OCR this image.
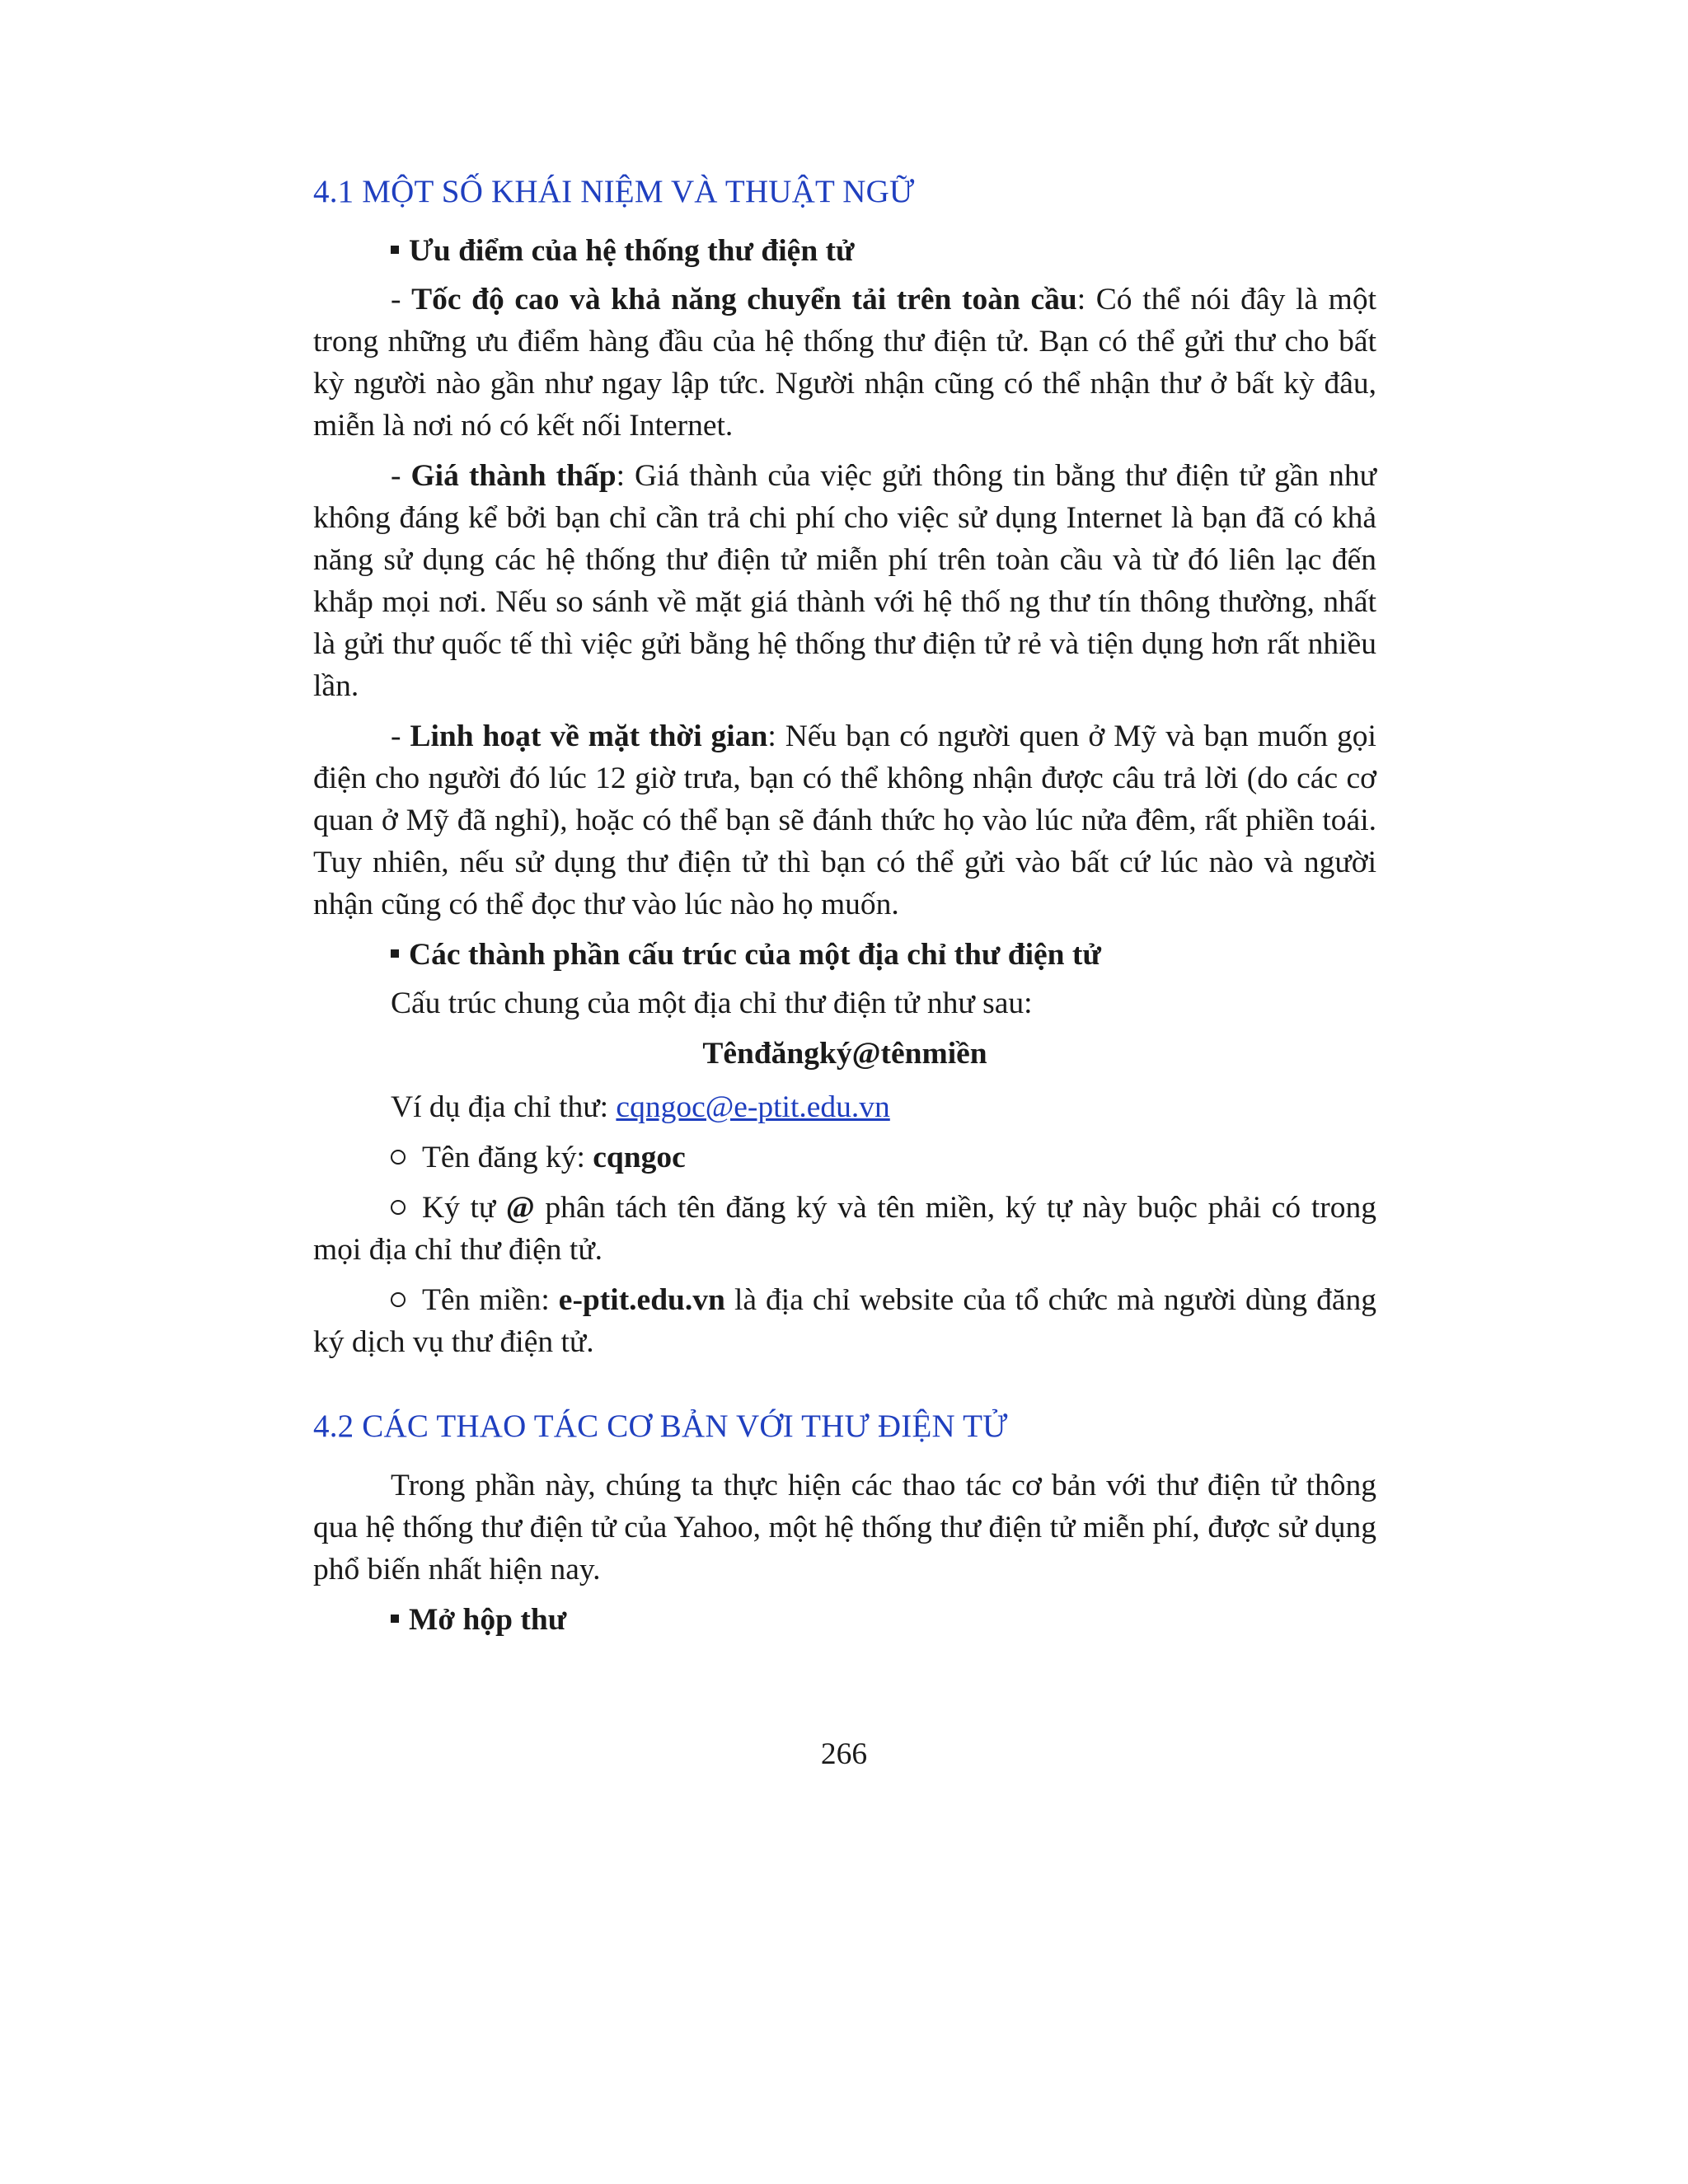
4.1 MỘT SỐ KHÁI NIỆM VÀ THUẬT NGỮ
Ưu điểm của hệ thống thư điện tử

- Tốc độ cao và khả năng chuyển tải trên toàn cầu: Có thể nói đây là một trong những ưu điểm hàng đầu của hệ thống thư điện tử. Bạn có thể gửi thư cho bất kỳ người nào gần như ngay lập tức. Người nhận cũng có thể nhận thư ở bất kỳ đâu, miễn là nơi nó có kết nối Internet.

- Giá thành thấp: Giá thành của việc gửi thông tin bằng thư điện tử gần như không đáng kể bởi bạn chỉ cần trả chi phí cho việc sử dụng Internet là bạn đã có khả năng sử dụng các hệ thống thư điện tử miễn phí trên toàn cầu và từ đó liên lạc đến khắp mọi nơi. Nếu so sánh về mặt giá thành với hệ thố ng thư tín thông thường, nhất là gửi thư quốc tế thì việc gửi bằng hệ thống thư điện tử rẻ và tiện dụng hơn rất nhiều lần.

- Linh hoạt về mặt thời gian: Nếu bạn có người quen ở Mỹ và bạn muốn gọi điện cho người đó lúc 12 giờ trưa, bạn có thể không nhận được câu trả lời (do các cơ quan ở Mỹ đã nghỉ), hoặc có thể bạn sẽ đánh thức họ vào lúc nửa đêm, rất phiền toái. Tuy nhiên, nếu sử dụng thư điện tử thì bạn có thể gửi vào bất cứ lúc nào và người nhận cũng có thể đọc thư vào lúc nào họ muốn.

Các thành phần cấu trúc của một địa chỉ thư điện tử

Cấu trúc chung của một địa chỉ thư điện tử như sau:

Tênđăngký@tênmiền

Ví dụ địa chỉ thư: cqngoc@e-ptit.edu.vn

Tên đăng ký: cqngoc

Ký tự @ phân tách tên đăng ký và tên miền, ký tự này buộc phải có trong mọi địa chỉ thư điện tử.

Tên miền: e-ptit.edu.vn là địa chỉ website của tổ chức mà người dùng đăng ký dịch vụ thư điện tử.

4.2 CÁC THAO TÁC CƠ BẢN VỚI THƯ ĐIỆN TỬ

Trong phần này, chúng ta thực hiện các thao tác cơ bản với thư điện tử thông qua hệ thống thư điện tử của Yahoo, một hệ thống thư điện tử miễn phí, được sử dụng phổ biến nhất hiện nay.

Mở hộp thư
266
